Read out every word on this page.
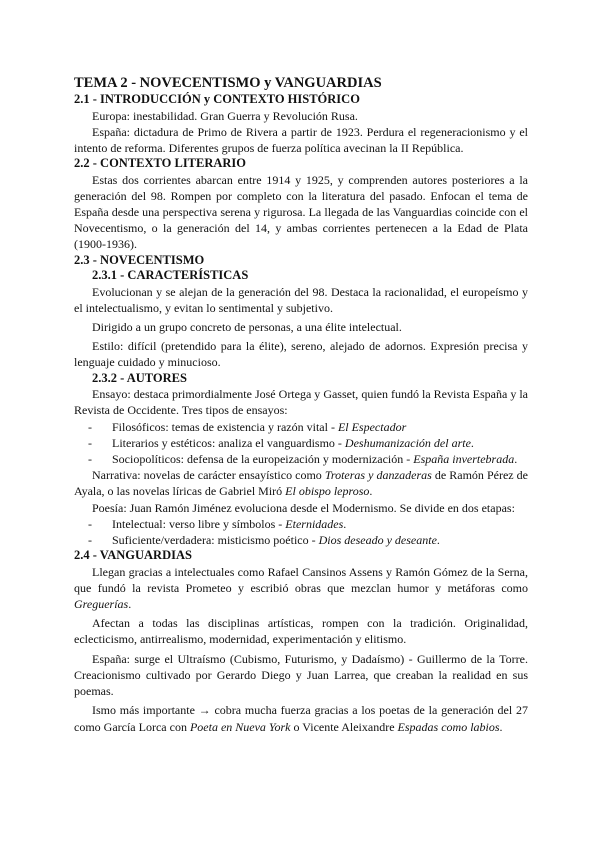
TEMA 2 - NOVECENTISMO y VANGUARDIAS
2.1 - INTRODUCCIÓN y CONTEXTO HISTÓRICO

Europa: inestabilidad. Gran Guerra y Revolución Rusa.

España: dictadura de Primo de Rivera a partir de 1923. Perdura el regeneracionismo y el intento de reforma. Diferentes grupos de fuerza política avecinan la II República.

2.2 - CONTEXTO LITERARIO

Estas dos corrientes abarcan entre 1914 y 1925, y comprenden autores posteriores a la generación del 98. Rompen por completo con la literatura del pasado. Enfocan el tema de España desde una perspectiva serena y rigurosa. La llegada de las Vanguardias coincide con el Novecentismo, o la generación del 14, y ambas corrientes pertenecen a la Edad de Plata (1900-1936).

2.3 - NOVECENTISMO
2.3.1 - CARACTERÍSTICAS

Evolucionan y se alejan de la generación del 98. Destaca la racionalidad, el europeísmo y el intelectualismo, y evitan lo sentimental y subjetivo.

Dirigido a un grupo concreto de personas, a una élite intelectual.

Estilo: difícil (pretendido para la élite), sereno, alejado de adornos. Expresión precisa y lenguaje cuidado y minucioso.

2.3.2 - AUTORES

Ensayo: destaca primordialmente José Ortega y Gasset, quien fundó la Revista España y la Revista de Occidente. Tres tipos de ensayos:

- Filosóficos: temas de existencia y razón vital - El Espectador
- Literarios y estéticos: analiza el vanguardismo - Deshumanización del arte.
- Sociopolíticos: defensa de la europeización y modernización - España invertebrada.

Narrativa: novelas de carácter ensayístico como Troteras y danzaderas de Ramón Pérez de Ayala, o las novelas líricas de Gabriel Miró El obispo leproso.

Poesía: Juan Ramón Jiménez evoluciona desde el Modernismo. Se divide en dos etapas:

- Intelectual: verso libre y símbolos - Eternidades.
- Suficiente/verdadera: misticismo poético - Dios deseado y deseante.
2.4 - VANGUARDIAS

Llegan gracias a intelectuales como Rafael Cansinos Assens y Ramón Gómez de la Serna, que fundó la revista Prometeo y escribió obras que mezclan humor y metáforas como Greguerías.

Afectan a todas las disciplinas artísticas, rompen con la tradición. Originalidad, eclecticismo, antirrealismo, modernidad, experimentación y elitismo.

España: surge el Ultraísmo (Cubismo, Futurismo, y Dadaísmo) - Guillermo de la Torre. Creacionismo cultivado por Gerardo Diego y Juan Larrea, que creaban la realidad en sus poemas.

Ismo más importante → cobra mucha fuerza gracias a los poetas de la generación del 27 como García Lorca con Poeta en Nueva York o Vicente Aleixandre Espadas como labios.
